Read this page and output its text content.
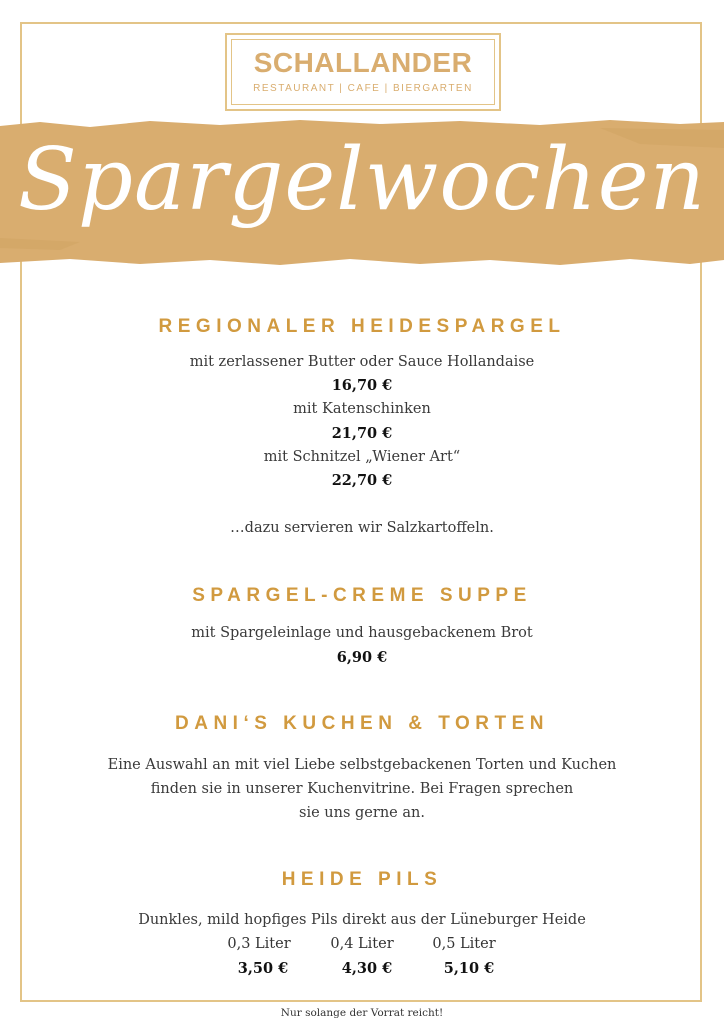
SCHALLANDER
RESTAURANT | CAFE | BIERGARTEN
Spargelwochen
REGIONALER HEIDESPARGEL
mit zerlassener Butter oder Sauce Hollandaise
16,70 €
mit Katenschinken
21,70 €
mit Schnitzel „Wiener Art“
22,70 €
…dazu servieren wir Salzkartoffeln.
SPARGEL-CREME SUPPE
mit Spargeleinlage und hausgebackenem Brot
6,90 €
DANI‘S KUCHEN & TORTEN
Eine Auswahl an mit viel Liebe selbstgebackenen Torten und Kuchen
finden sie in unserer Kuchenvitrine. Bei Fragen sprechen
sie uns gerne an.
HEIDE PILS
Dunkles, mild hopfiges Pils direkt aus der Lüneburger Heide
0,3 Liter	0,4 Liter	0,5 Liter
3,50 €	4,30 €	5,10 €
Nur solange der Vorrat reicht!
